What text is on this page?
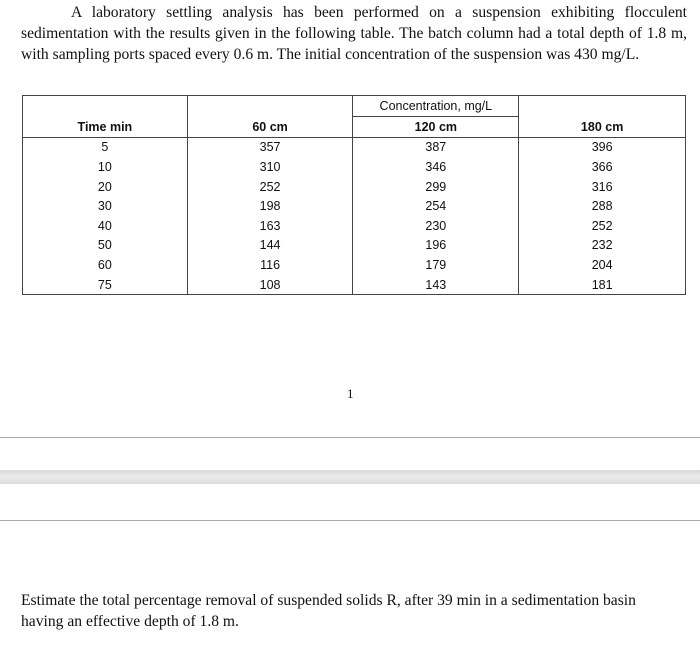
A laboratory settling analysis has been performed on a suspension exhibiting flocculent sedimentation with the results given in the following table. The batch column had a total depth of 1.8 m, with sampling ports spaced every 0.6 m. The initial concentration of the suspension was 430 mg/L.

		Concentration, mg/L	
Time min	60 cm	120 cm	180 cm
5	357	387	396
10	310	346	366
20	252	299	316
30	198	254	288
40	163	230	252
50	144	196	232
60	116	179	204
75	108	143	181
1

Estimate the total percentage removal of suspended solids R, after 39 min in a sedimentation basin having an effective depth of 1.8 m.
